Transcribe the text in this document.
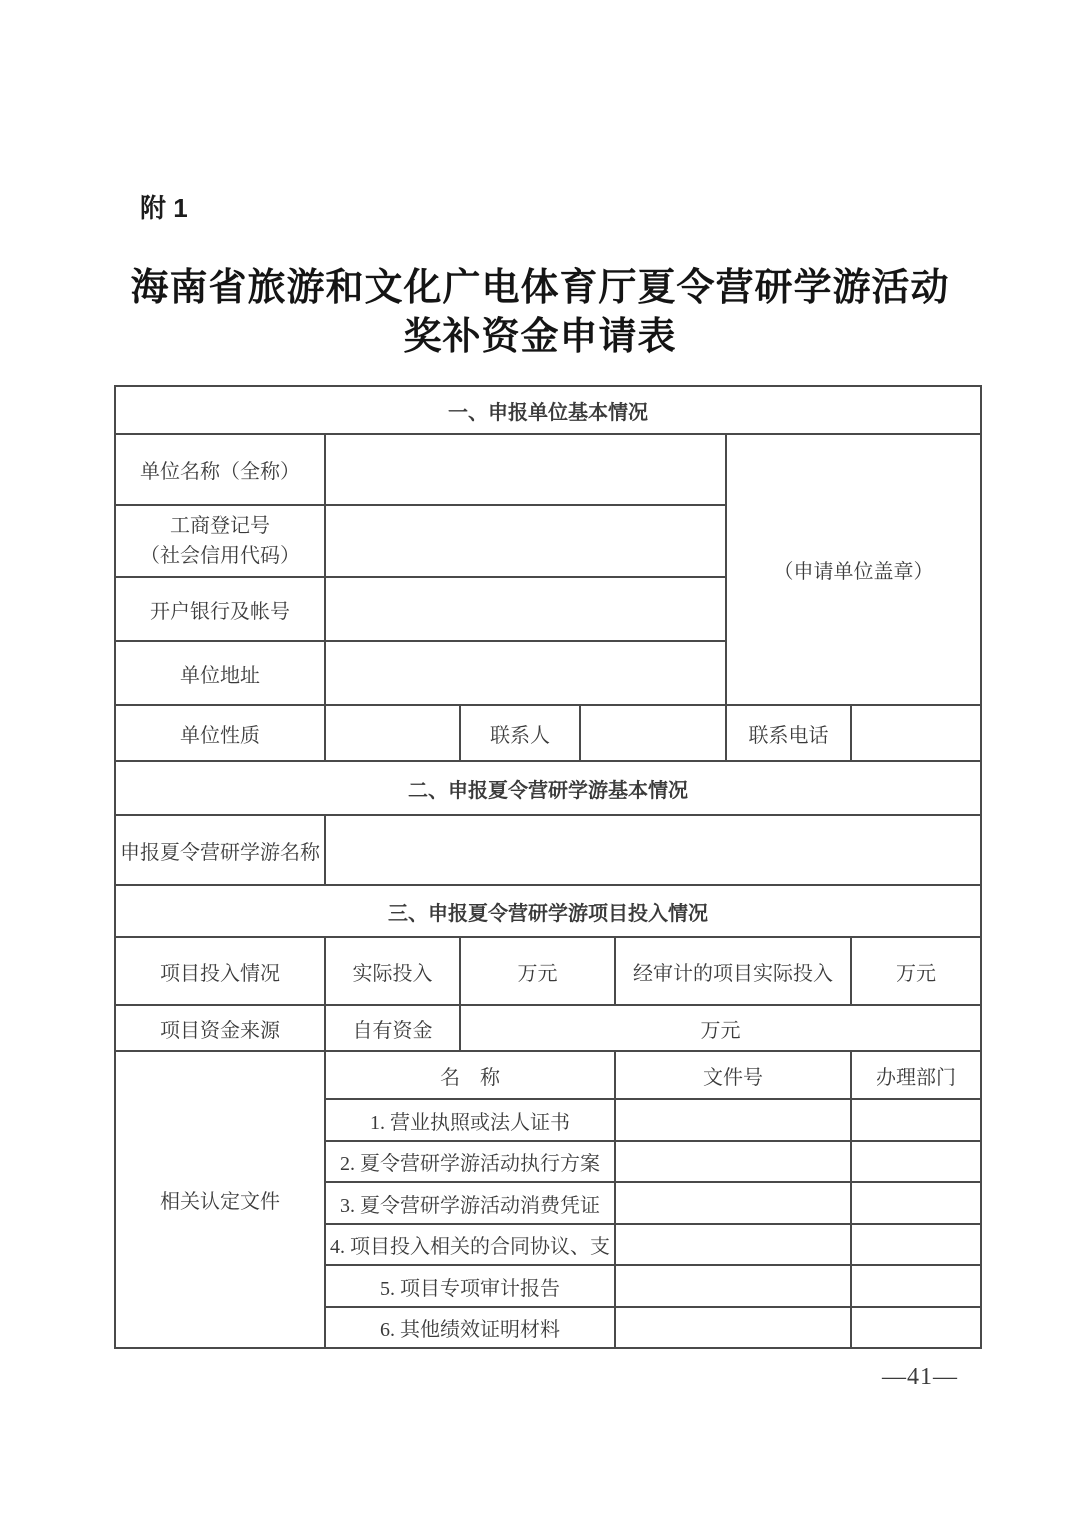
附 1
海南省旅游和文化广电体育厅夏令营研学游活动
奖补资金申请表
一、申报单位基本情况						
单位名称（全称）					（申请单位盖章）	

工商登记号
（社会信用代码）						

开户银行及帐号						
单位地址						
单位性质		联系人			联系电话	
二、申报夏令营研学游基本情况						
申报夏令营研学游名称						
三、申报夏令营研学游项目投入情况						
项目投入情况	实际投入	万元		经审计的项目实际投入		万元
项目资金来源	自有资金	万元				
相关认定文件	名　称			文件号		办理部门
	1. 营业执照或法人证书					
	2. 夏令营研学游活动执行方案					
	3. 夏令营研学游活动消费凭证					
	4. 项目投入相关的合同协议、支					
	5. 项目专项审计报告					
	6. 其他绩效证明材料					
—41—
